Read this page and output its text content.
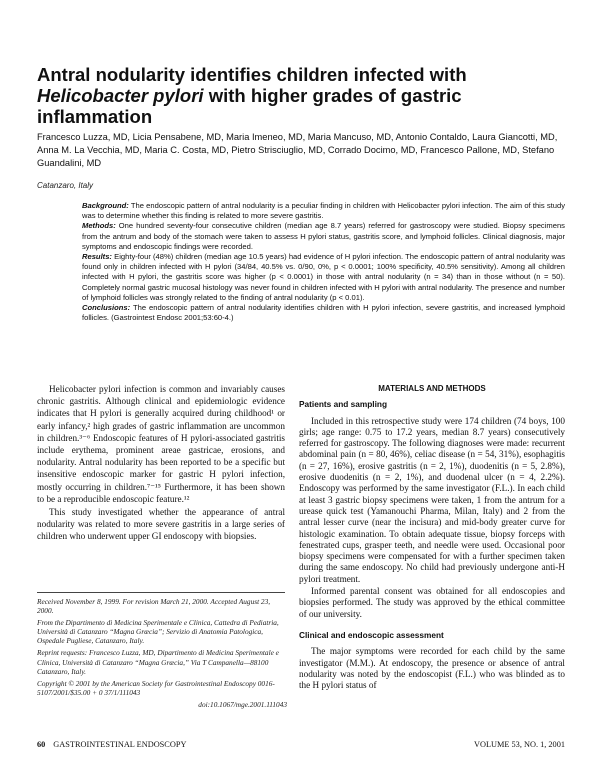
Antral nodularity identifies children infected with Helicobacter pylori with higher grades of gastric inflammation

Francesco Luzza, MD, Licia Pensabene, MD, Maria Imeneo, MD, Maria Mancuso, MD, Antonio Contaldo, Laura Giancotti, MD, Anna M. La Vecchia, MD, Maria C. Costa, MD, Pietro Strisciuglio, MD, Corrado Docimo, MD, Francesco Pallone, MD, Stefano Guandalini, MD

Catanzaro, Italy

Background: The endoscopic pattern of antral nodularity is a peculiar finding in children with Helicobacter pylori infection. The aim of this study was to determine whether this finding is related to more severe gastritis.

Methods: One hundred seventy-four consecutive children (median age 8.7 years) referred for gastroscopy were studied. Biopsy specimens from the antrum and body of the stomach were taken to assess H pylori status, gastritis score, and lymphoid follicles. Clinical diagnosis, major symptoms and endoscopic findings were recorded.

Results: Eighty-four (48%) children (median age 10.5 years) had evidence of H pylori infection. The endoscopic pattern of antral nodularity was found only in children infected with H pylori (34/84, 40.5% vs. 0/90, 0%, p < 0.0001; 100% specificity, 40.5% sensitivity). Among all children infected with H pylori, the gastritis score was higher (p < 0.0001) in those with antral nodularity (n = 34) than in those without (n = 50). Completely normal gastric mucosal histology was never found in children infected with H pylori with antral nodularity. The presence and number of lymphoid follicles was strongly related to the finding of antral nodularity (p < 0.01).

Conclusions: The endoscopic pattern of antral nodularity identifies children with H pylori infection, severe gastritis, and increased lymphoid follicles. (Gastrointest Endosc 2001;53:60-4.)

Helicobacter pylori infection is common and invariably causes chronic gastritis. Although clinical and epidemiologic evidence indicates that H pylori is generally acquired during childhood¹ or early infancy,² high grades of gastric inflammation are uncommon in children.³⁻⁶ Endoscopic features of H pylori-associated gastritis include erythema, prominent areae gastricae, erosions, and nodularity. Antral nodularity has been reported to be a specific but insensitive endoscopic marker for gastric H pylori infection, mostly occurring in children.⁷⁻¹⁵ Furthermore, it has been shown to be a reproducible endoscopic feature.¹²

This study investigated whether the appearance of antral nodularity was related to more severe gastritis in a large series of children who underwent upper GI endoscopy with biopsies.

Received November 8, 1999. For revision March 21, 2000. Accepted August 23, 2000.

From the Dipartimento di Medicina Sperimentale e Clinica, Cattedra di Pediatria, Università di Catanzaro “Magna Græcia”; Servizio di Anatomia Patologica, Ospedale Pugliese, Catanzaro, Italy.

Reprint requests: Francesco Luzza, MD, Dipartimento di Medicina Sperimentale e Clinica, Università di Catanzaro “Magna Græcia,” Via T Campanella—88100 Catanzaro, Italy.

Copyright © 2001 by the American Society for Gastrointestinal Endoscopy 0016-5107/2001/$35.00 + 0 37/1/111043

doi:10.1067/mge.2001.111043

MATERIALS AND METHODS
Patients and sampling

Included in this retrospective study were 174 children (74 boys, 100 girls; age range: 0.75 to 17.2 years, median 8.7 years) consecutively referred for gastroscopy. The following diagnoses were made: recurrent abdominal pain (n = 80, 46%), celiac disease (n = 54, 31%), esophagitis (n = 27, 16%), erosive gastritis (n = 2, 1%), duodenitis (n = 5, 2.8%), erosive duodenitis (n = 2, 1%), and duodenal ulcer (n = 4, 2.2%). Endoscopy was performed by the same investigator (F.L.). In each child at least 3 gastric biopsy specimens were taken, 1 from the antrum for a urease quick test (Yamanouchi Pharma, Milan, Italy) and 2 from the antral lesser curve (near the incisura) and mid-body greater curve for histologic examination. To obtain adequate tissue, biopsy forceps with fenestrated cups, grasper teeth, and needle were used. Occasional poor biopsy specimens were compensated for with a further specimen taken during the same endoscopy. No child had previously undergone anti-H pylori treatment.

Informed parental consent was obtained for all endoscopies and biopsies performed. The study was approved by the ethical committee of our university.

Clinical and endoscopic assessment

The major symptoms were recorded for each child by the same investigator (M.M.). At endoscopy, the presence or absence of antral nodularity was noted by the endoscopist (F.L.) who was blinded as to the H pylori status of

60 GASTROINTESTINAL ENDOSCOPY	VOLUME 53, NO. 1, 2001
